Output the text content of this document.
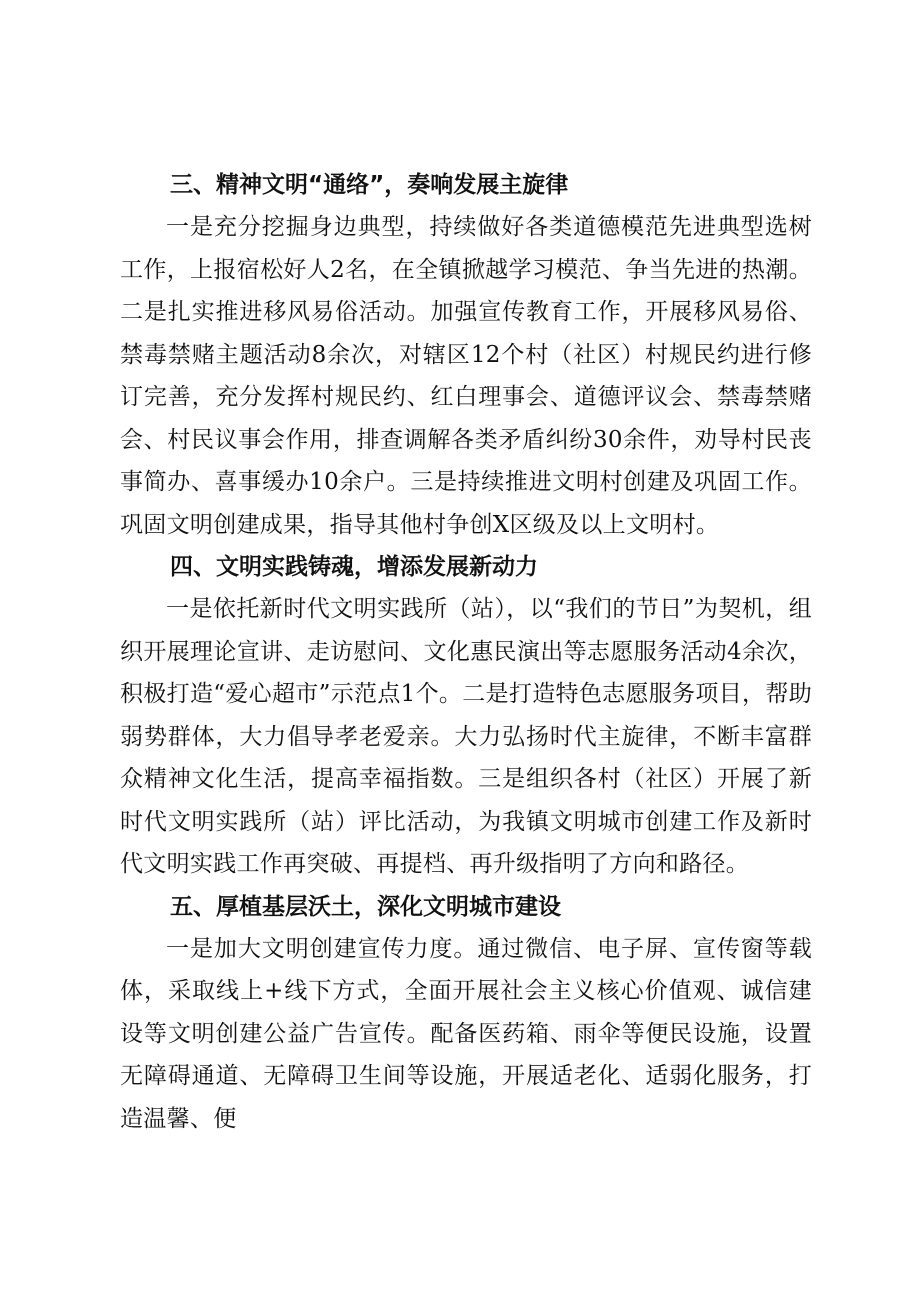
三、精神文明“通络”，奏响发展主旋律

一是充分挖掘身边典型，持续做好各类道德模范先进典型选树工作，上报宿松好人2名，在全镇掀越学习模范、争当先进的热潮。二是扎实推进移风易俗活动。加强宣传教育工作，开展移风易俗、禁毒禁赌主题活动8余次，对辖区12个村（社区）村规民约进行修订完善，充分发挥村规民约、红白理事会、道德评议会、禁毒禁赌会、村民议事会作用，排查调解各类矛盾纠纷30余件，劝导村民丧事简办、喜事缓办10余户。三是持续推进文明村创建及巩固工作。巩固文明创建成果，指导其他村争创X区级及以上文明村。

四、文明实践铸魂，增添发展新动力

一是依托新时代文明实践所（站），以“我们的节日”为契机，组织开展理论宣讲、走访慰问、文化惠民演出等志愿服务活动4余次，积极打造“爱心超市”示范点1个。二是打造特色志愿服务项目，帮助弱势群体，大力倡导孝老爱亲。大力弘扬时代主旋律，不断丰富群众精神文化生活，提高幸福指数。三是组织各村（社区）开展了新时代文明实践所（站）评比活动，为我镇文明城市创建工作及新时代文明实践工作再突破、再提档、再升级指明了方向和路径。

五、厚植基层沃土，深化文明城市建设

一是加大文明创建宣传力度。通过微信、电子屏、宣传窗等载体，采取线上+线下方式，全面开展社会主义核心价值观、诚信建设等文明创建公益广告宣传。配备医药箱、雨伞等便民设施，设置无障碍通道、无障碍卫生间等设施，开展适老化、适弱化服务，打造温馨、便
